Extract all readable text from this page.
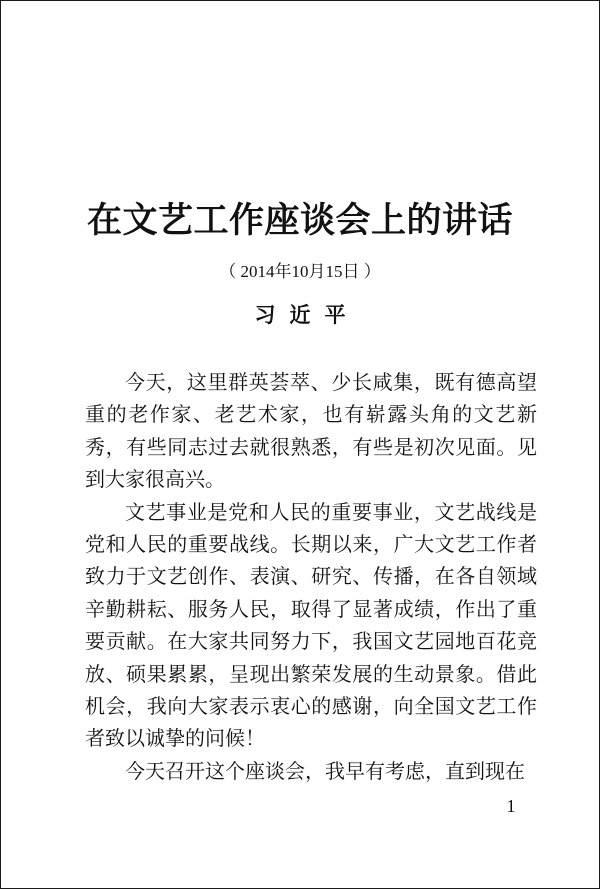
在文艺工作座谈会上的讲话
（ 2014年10月15日 ）
习近平

今天，这里群英荟萃、少长咸集，既有德高望重的老作家、老艺术家，也有崭露头角的文艺新秀，有些同志过去就很熟悉，有些是初次见面。见到大家很高兴。

文艺事业是党和人民的重要事业，文艺战线是党和人民的重要战线。长期以来，广大文艺工作者致力于文艺创作、表演、研究、传播，在各自领域辛勤耕耘、服务人民，取得了显著成绩，作出了重要贡献。在大家共同努力下，我国文艺园地百花竞放、硕果累累，呈现出繁荣发展的生动景象。借此机会，我向大家表示衷心的感谢，向全国文艺工作者致以诚挚的问候！

今天召开这个座谈会，我早有考虑，直到现在

1
